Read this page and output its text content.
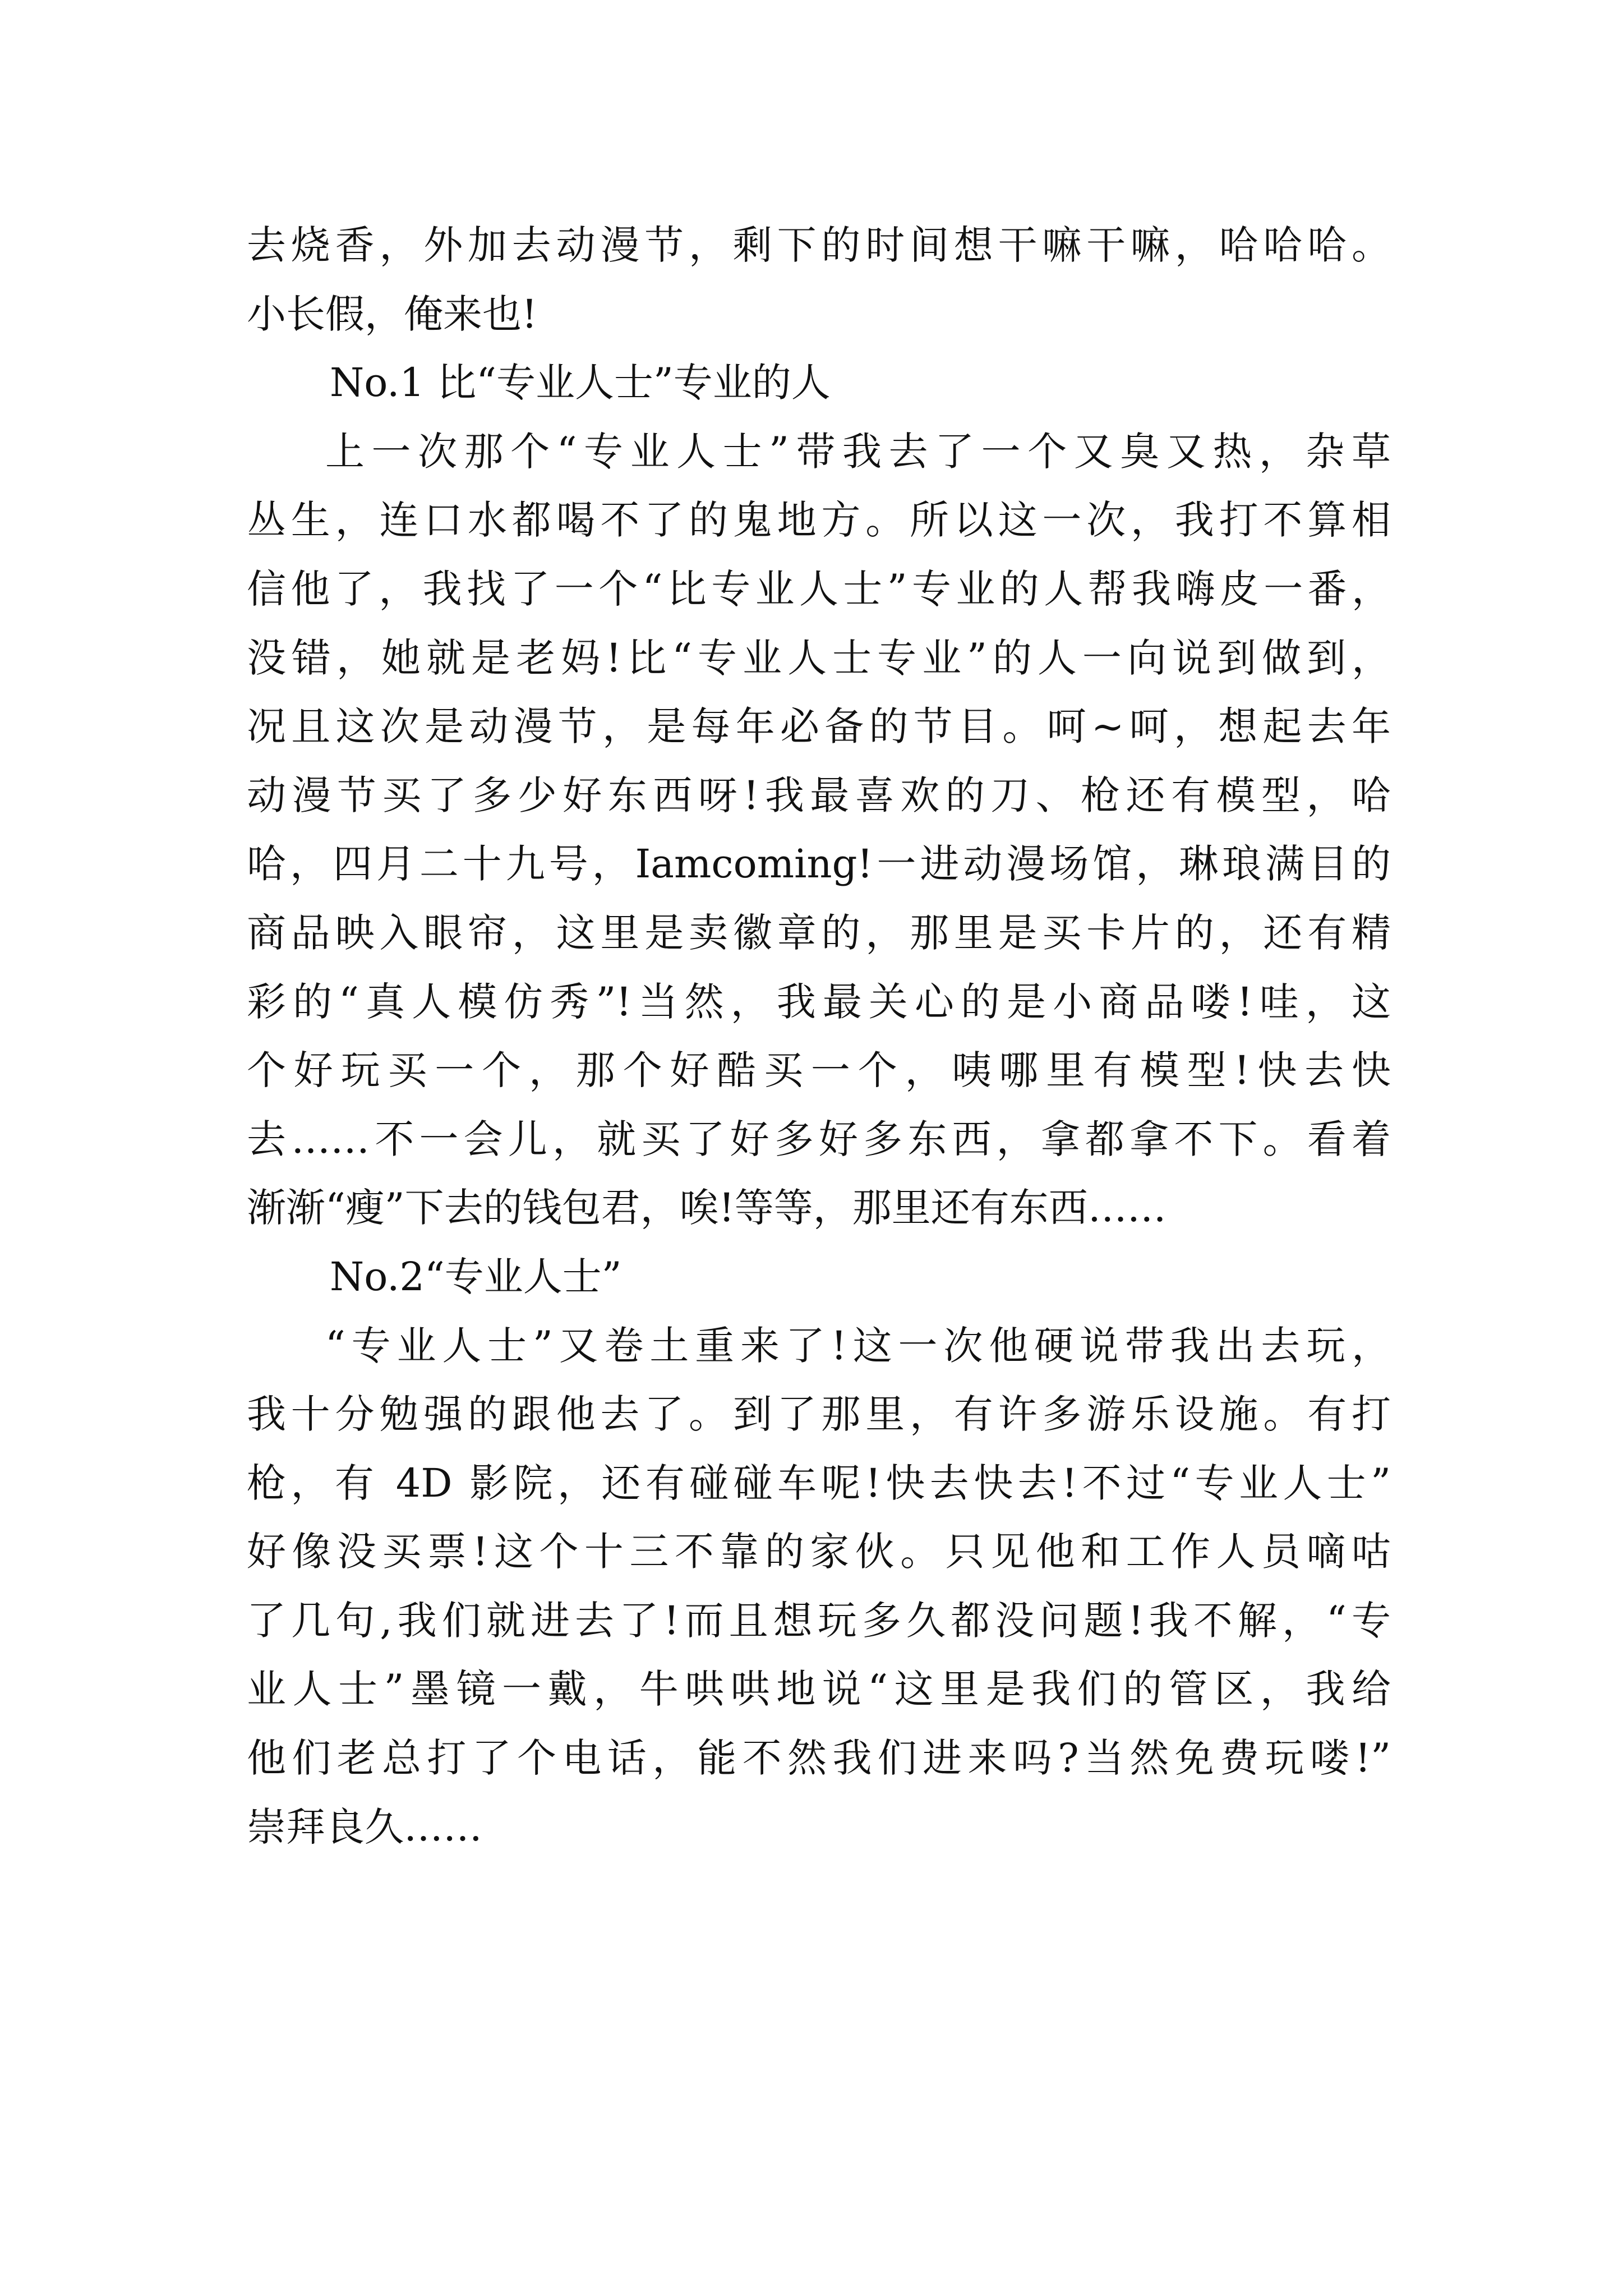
去烧香，外加去动漫节，剩下的时间想干嘛干嘛，哈哈哈。
小长假，俺来也!
No.1 比“专业人士”专业的人
上一次那个“专业人士”带我去了一个又臭又热，杂草
丛生，连口水都喝不了的鬼地方。所以这一次，我打不算相
信他了，我找了一个“比专业人士”专业的人帮我嗨皮一番，
没错，她就是老妈!比“专业人士专业”的人一向说到做到，
况且这次是动漫节，是每年必备的节目。呵~呵，想起去年
动漫节买了多少好东西呀!我最喜欢的刀、枪还有模型，哈
哈，四月二十九号，Iamcoming!一进动漫场馆，琳琅满目的
商品映入眼帘，这里是卖徽章的，那里是买卡片的，还有精
彩的“真人模仿秀”!当然，我最关心的是小商品喽!哇，这
个好玩买一个，那个好酷买一个，咦哪里有模型!快去快
去……不一会儿，就买了好多好多东西，拿都拿不下。看着
渐渐“瘦”下去的钱包君，唉!等等，那里还有东西……
No.2“专业人士”
“专业人士”又卷土重来了!这一次他硬说带我出去玩，
我十分勉强的跟他去了。到了那里，有许多游乐设施。有打
枪，有 4D 影院，还有碰碰车呢!快去快去!不过“专业人士”
好像没买票!这个十三不靠的家伙。只见他和工作人员嘀咕
了几句,我们就进去了!而且想玩多久都没问题!我不解，“专
业人士”墨镜一戴，牛哄哄地说“这里是我们的管区，我给
他们老总打了个电话，能不然我们进来吗?当然免费玩喽!”
崇拜良久……
